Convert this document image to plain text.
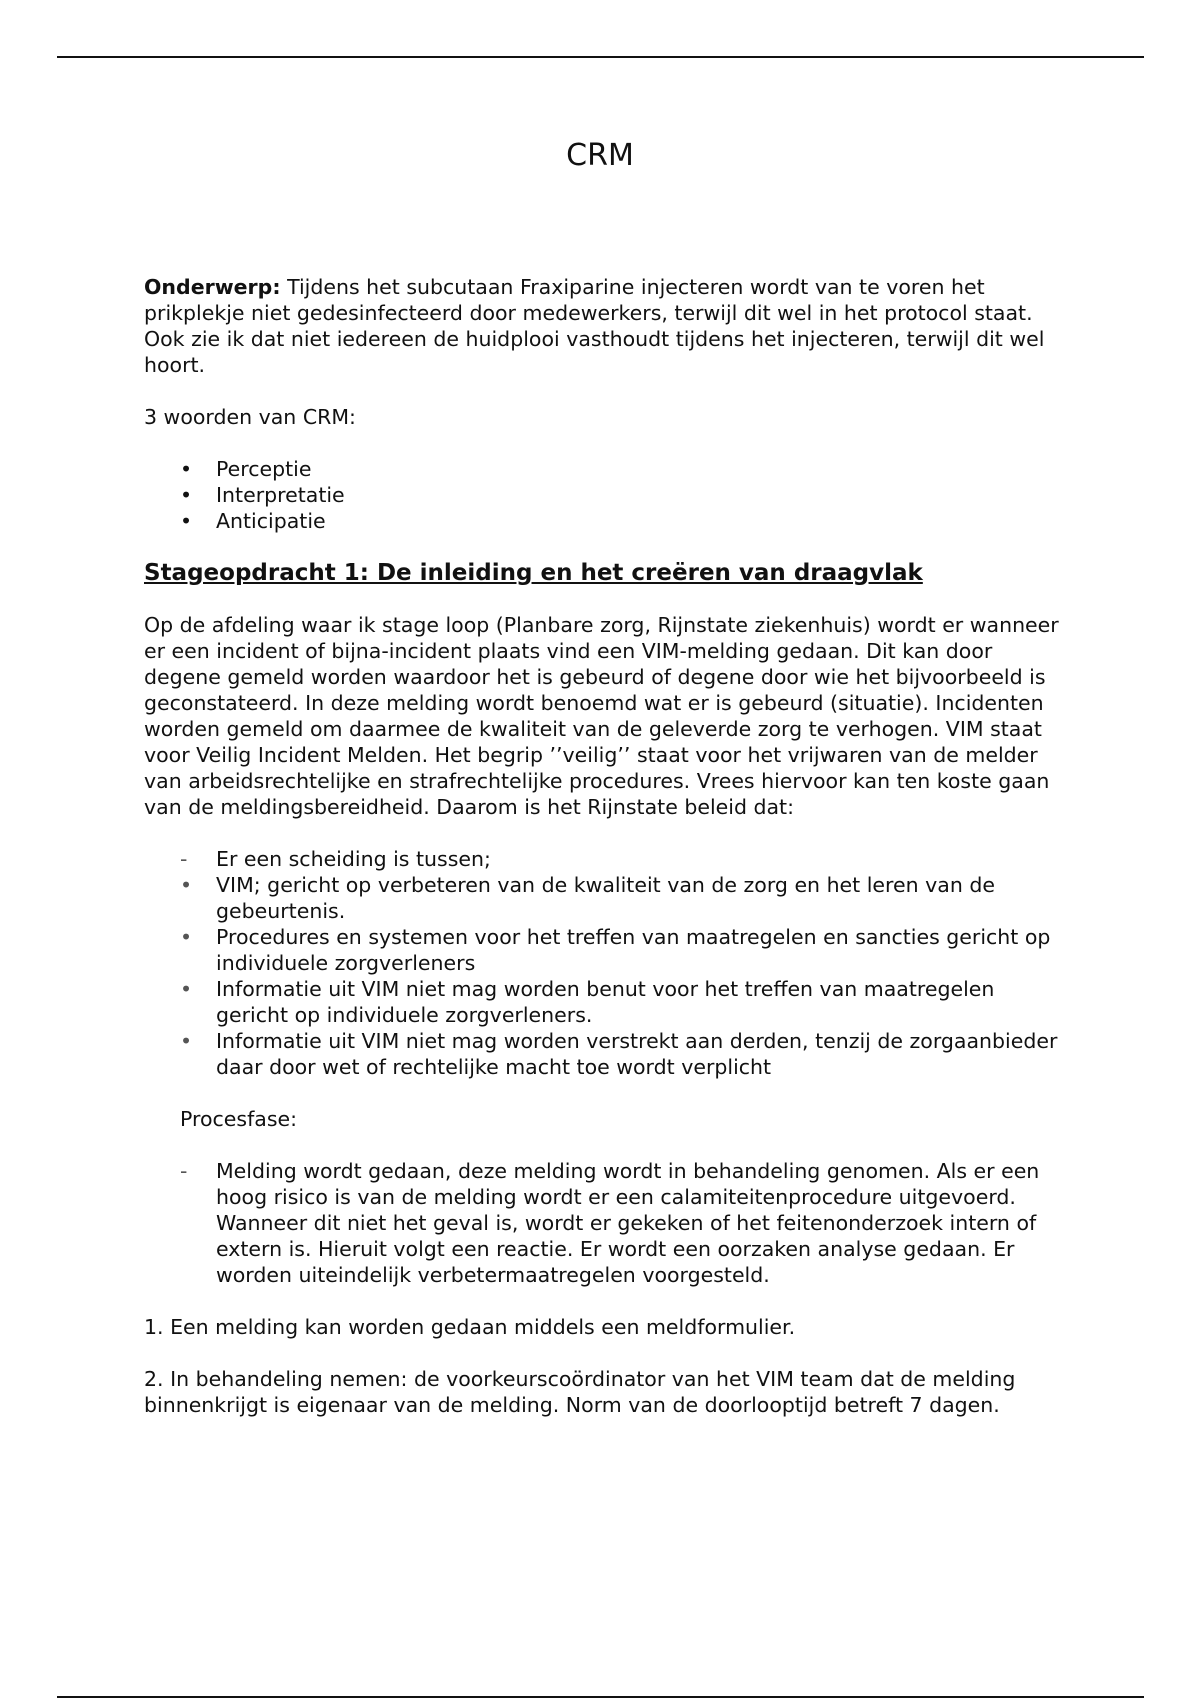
CRM

Onderwerp: Tijdens het subcutaan Fraxiparine injecteren wordt van te voren het prikplekje niet gedesinfecteerd door medewerkers, terwijl dit wel in het protocol staat. Ook zie ik dat niet iedereen de huidplooi vasthoudt tijdens het injecteren, terwijl dit wel hoort.

3 woorden van CRM:

•	Perceptie
•	Interpretatie
•	Anticipatie
Stageopdracht 1: De inleiding en het creëren van draagvlak

Op de afdeling waar ik stage loop (Planbare zorg, Rijnstate ziekenhuis) wordt er wanneer er een incident of bijna-incident plaats vind een VIM-melding gedaan. Dit kan door degene gemeld worden waardoor het is gebeurd of degene door wie het bijvoorbeeld is geconstateerd. In deze melding wordt benoemd wat er is gebeurd (situatie). Incidenten worden gemeld om daarmee de kwaliteit van de geleverde zorg te verhogen. VIM staat voor Veilig Incident Melden. Het begrip ’’veilig’’ staat voor het vrijwaren van de melder van arbeidsrechtelijke en strafrechtelijke procedures. Vrees hiervoor kan ten koste gaan van de meldingsbereidheid. Daarom is het Rijnstate beleid dat:

-	Er een scheiding is tussen;
•	VIM; gericht op verbeteren van de kwaliteit van de zorg en het leren van de gebeurtenis.
•	Procedures en systemen voor het treffen van maatregelen en sancties gericht op individuele zorgverleners
•	Informatie uit VIM niet mag worden benut voor het treffen van maatregelen gericht op individuele zorgverleners.
•	Informatie uit VIM niet mag worden verstrekt aan derden, tenzij de zorgaanbieder daar door wet of rechtelijke macht toe wordt verplicht

Procesfase:

-	Melding wordt gedaan, deze melding wordt in behandeling genomen. Als er een hoog risico is van de melding wordt er een calamiteitenprocedure uitgevoerd. Wanneer dit niet het geval is, wordt er gekeken of het feitenonderzoek intern of extern is. Hieruit volgt een reactie. Er wordt een oorzaken analyse gedaan. Er worden uiteindelijk verbetermaatregelen voorgesteld.

1. Een melding kan worden gedaan middels een meldformulier.

2. In behandeling nemen: de voorkeurscoördinator van het VIM team dat de melding binnenkrijgt is eigenaar van de melding. Norm van de doorlooptijd betreft 7 dagen.
